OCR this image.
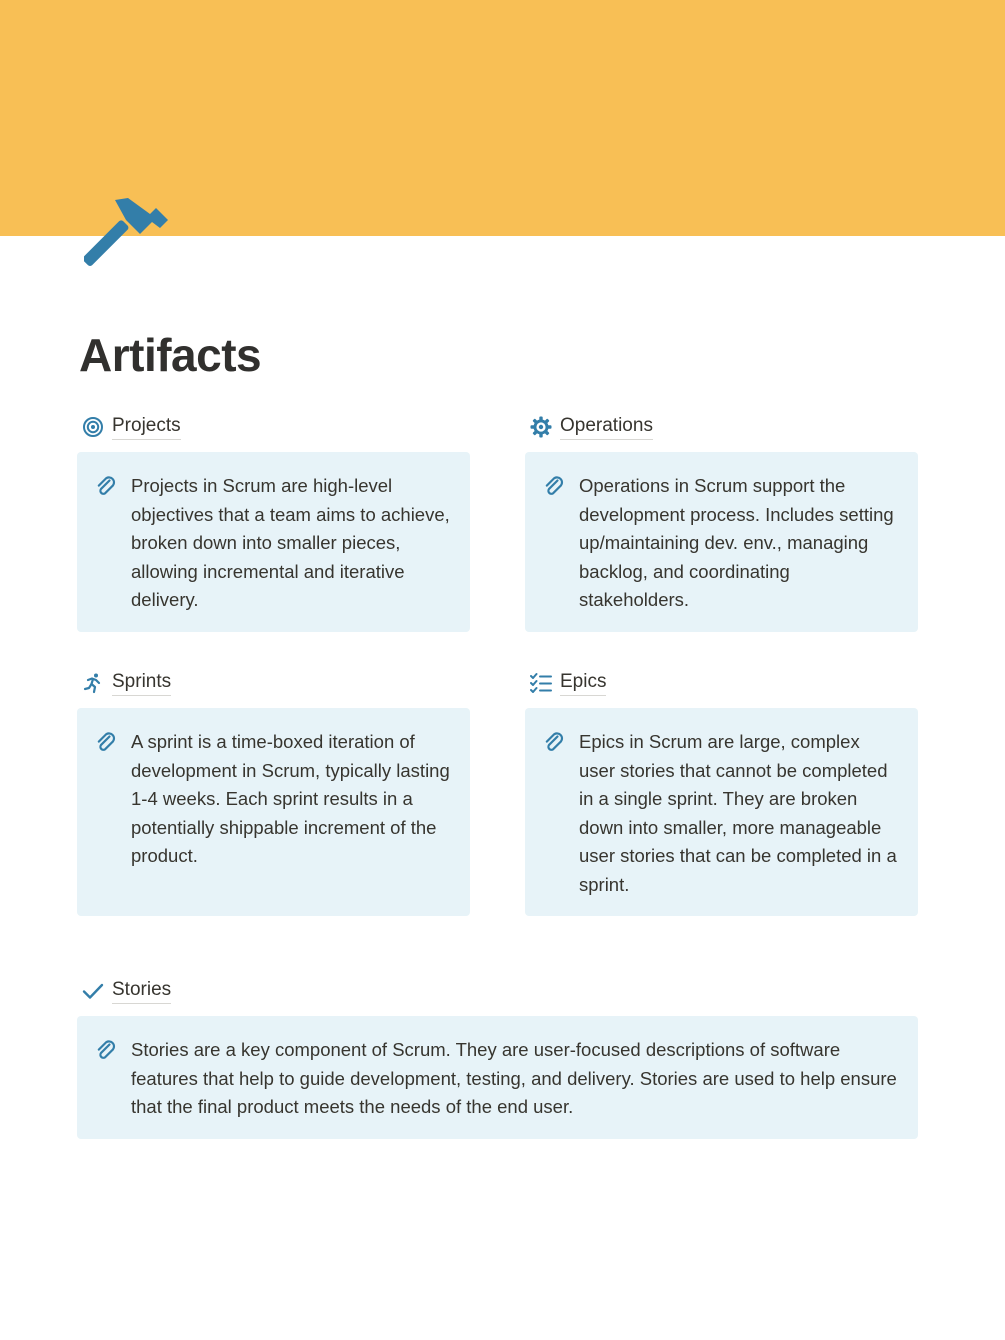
Artifacts
Projects
Projects in Scrum are high-level objectives that a team aims to achieve, broken down into smaller pieces, allowing incremental and iterative delivery.
Operations
Operations in Scrum support the development process. Includes setting up/maintaining dev. env., managing backlog, and coordinating stakeholders.
Sprints
A sprint is a time-boxed iteration of development in Scrum, typically lasting 1-4 weeks. Each sprint results in a potentially shippable increment of the product.
Epics
Epics in Scrum are large, complex user stories that cannot be completed in a single sprint. They are broken down into smaller, more manageable user stories that can be completed in a sprint.
Stories
Stories are a key component of Scrum. They are user-focused descriptions of software features that help to guide development, testing, and delivery. Stories are used to help ensure that the final product meets the needs of the end user.
